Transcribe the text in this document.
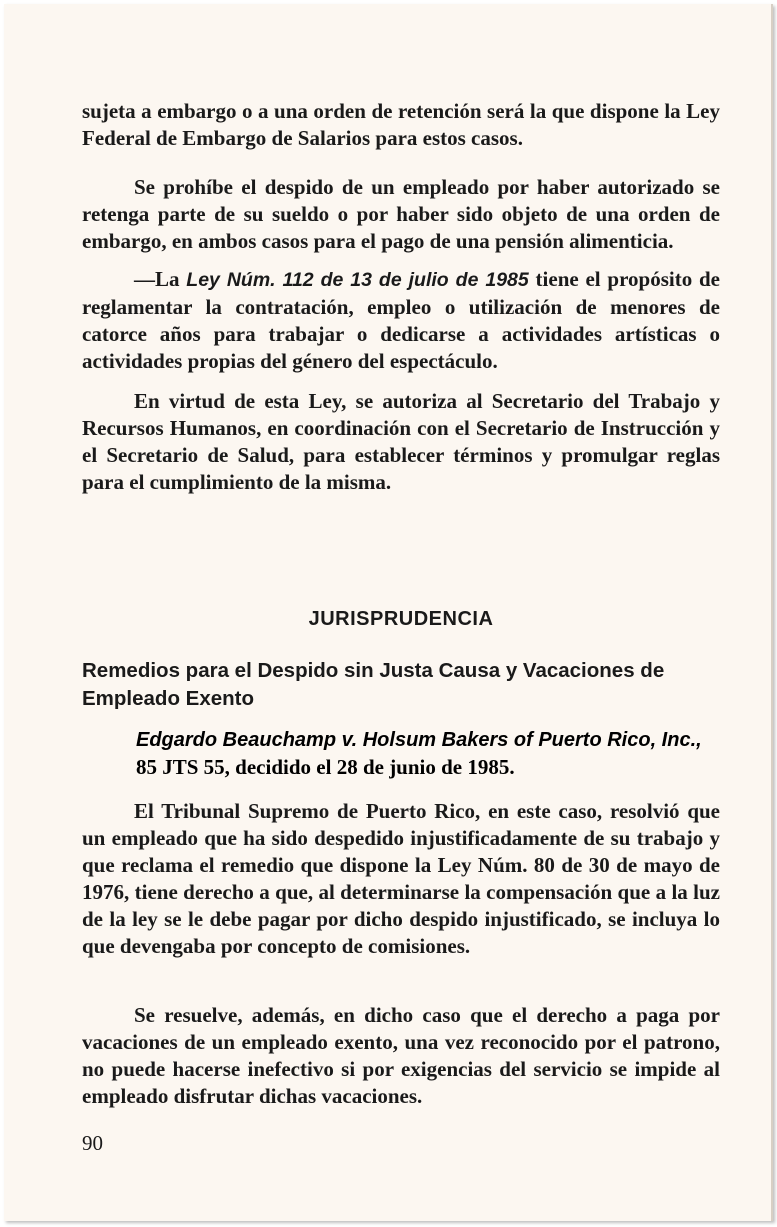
sujeta a embargo o a una orden de retención será la que dispone la Ley Federal de Embargo de Salarios para estos casos.

Se prohíbe el despido de un empleado por haber autorizado se retenga parte de su sueldo o por haber sido objeto de una orden de embargo, en ambos casos para el pago de una pensión alimenticia.

—La Ley Núm. 112 de 13 de julio de 1985 tiene el propósito de reglamentar la contratación, empleo o utilización de menores de catorce años para trabajar o dedicarse a actividades artísticas o actividades propias del género del espectáculo.

En virtud de esta Ley, se autoriza al Secretario del Trabajo y Recursos Humanos, en coordinación con el Secretario de Instrucción y el Secretario de Salud, para establecer términos y promulgar reglas para el cumplimiento de la misma.

JURISPRUDENCIA
Remedios para el Despido sin Justa Causa y Vacaciones de Empleado Exento
Edgardo Beauchamp v. Holsum Bakers of Puerto Rico, Inc., 85 JTS 55, decidido el 28 de junio de 1985.

El Tribunal Supremo de Puerto Rico, en este caso, resolvió que un empleado que ha sido despedido injustificadamente de su trabajo y que reclama el remedio que dispone la Ley Núm. 80 de 30 de mayo de 1976, tiene derecho a que, al determinarse la compensación que a la luz de la ley se le debe pagar por dicho despido injustificado, se incluya lo que devengaba por concepto de comisiones.

Se resuelve, además, en dicho caso que el derecho a paga por vacaciones de un empleado exento, una vez reconocido por el patrono, no puede hacerse inefectivo si por exigencias del servicio se impide al empleado disfrutar dichas vacaciones.

90
